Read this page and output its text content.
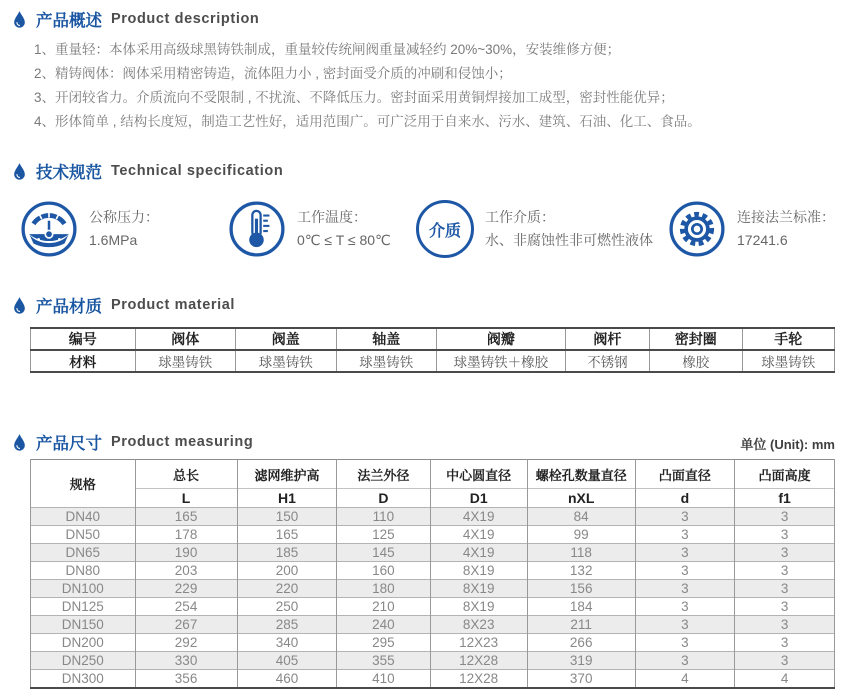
产品概述 Product description
1、重量轻：本体采用高级球黑铸铁制成，重量较传统闸阀重量减轻约 20%~30%，安装维修方便；
2、精铸阀体：阀体采用精密铸造，流体阻力小 , 密封面受介质的冲刷和侵蚀小；
3、开闭较省力。介质流向不受限制 , 不扰流、不降低压力。密封面采用黄铜焊接加工成型，密封性能优异；
4、形体简单 , 结构长度短，制造工艺性好，适用范围广。可广泛用于自来水、污水、建筑、石油、化工、食品。
技术规范 Technical specification
公称压力：
1.6MPa
工作温度：
0℃ ≤ T ≤ 80℃
介质
工作介质：
水、非腐蚀性非可燃性液体
连接法兰标准：
17241.6
产品材质 Product material
编号	阀体	阀盖	轴盖	阀瓣	阀杆	密封圈	手轮
材料	球墨铸铁	球墨铸铁	球墨铸铁	球墨铸铁＋橡胶	不锈钢	橡胶	球墨铸铁
产品尺寸 Product measuring	单位 (Unit): mm
规格	总长	滤网维护高	法兰外径	中心圆直径	螺栓孔数量直径	凸面直径	凸面高度
	L	H1	D	D1	nXL	d	f1
DN40	165	150	110	4X19	84	3	3
DN50	178	165	125	4X19	99	3	3
DN65	190	185	145	4X19	118	3	3
DN80	203	200	160	8X19	132	3	3
DN100	229	220	180	8X19	156	3	3
DN125	254	250	210	8X19	184	3	3
DN150	267	285	240	8X23	211	3	3
DN200	292	340	295	12X23	266	3	3
DN250	330	405	355	12X28	319	3	3
DN300	356	460	410	12X28	370	4	4
